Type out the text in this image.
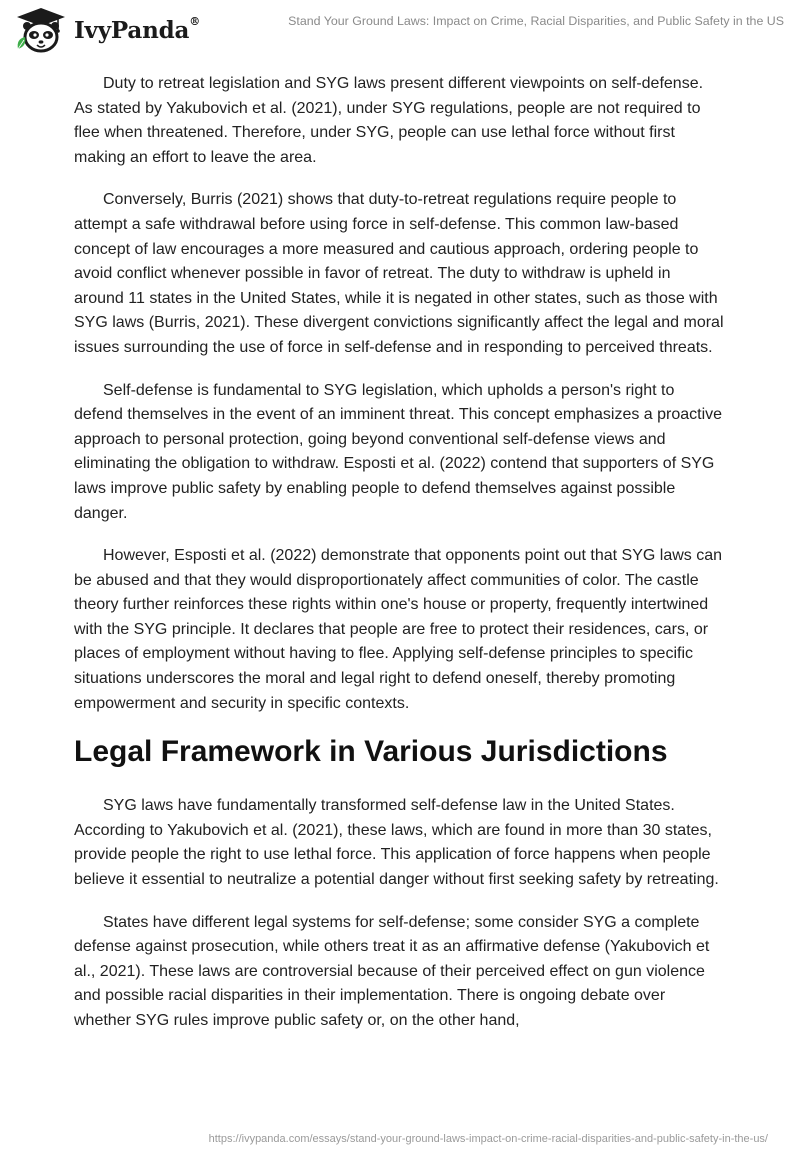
IvyPanda®	Stand Your Ground Laws: Impact on Crime, Racial Disparities, and Public Safety in the US

Duty to retreat legislation and SYG laws present different viewpoints on self-defense. As stated by Yakubovich et al. (2021), under SYG regulations, people are not required to flee when threatened. Therefore, under SYG, people can use lethal force without first making an effort to leave the area.

Conversely, Burris (2021) shows that duty-to-retreat regulations require people to attempt a safe withdrawal before using force in self-defense. This common law-based concept of law encourages a more measured and cautious approach, ordering people to avoid conflict whenever possible in favor of retreat. The duty to withdraw is upheld in around 11 states in the United States, while it is negated in other states, such as those with SYG laws (Burris, 2021). These divergent convictions significantly affect the legal and moral issues surrounding the use of force in self-defense and in responding to perceived threats.

Self-defense is fundamental to SYG legislation, which upholds a person's right to defend themselves in the event of an imminent threat. This concept emphasizes a proactive approach to personal protection, going beyond conventional self-defense views and eliminating the obligation to withdraw. Esposti et al. (2022) contend that supporters of SYG laws improve public safety by enabling people to defend themselves against possible danger.

However, Esposti et al. (2022) demonstrate that opponents point out that SYG laws can be abused and that they would disproportionately affect communities of color. The castle theory further reinforces these rights within one's house or property, frequently intertwined with the SYG principle. It declares that people are free to protect their residences, cars, or places of employment without having to flee. Applying self-defense principles to specific situations underscores the moral and legal right to defend oneself, thereby promoting empowerment and security in specific contexts.

Legal Framework in Various Jurisdictions

SYG laws have fundamentally transformed self-defense law in the United States. According to Yakubovich et al. (2021), these laws, which are found in more than 30 states, provide people the right to use lethal force. This application of force happens when people believe it essential to neutralize a potential danger without first seeking safety by retreating.

States have different legal systems for self-defense; some consider SYG a complete defense against prosecution, while others treat it as an affirmative defense (Yakubovich et al., 2021). These laws are controversial because of their perceived effect on gun violence and possible racial disparities in their implementation. There is ongoing debate over whether SYG rules improve public safety or, on the other hand,

https://ivypanda.com/essays/stand-your-ground-laws-impact-on-crime-racial-disparities-and-public-safety-in-the-us/
